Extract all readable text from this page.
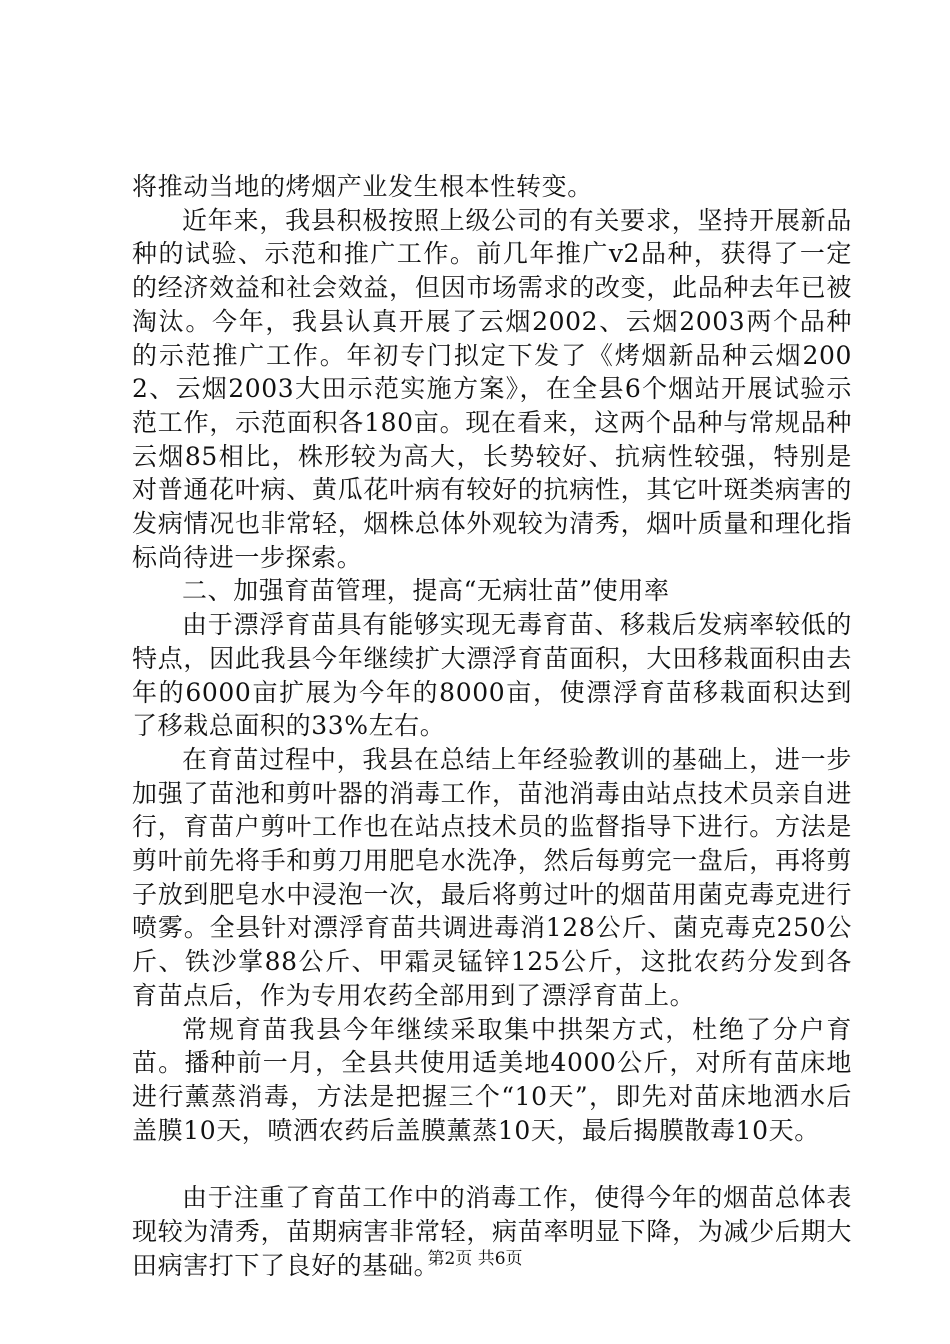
将推动当地的烤烟产业发生根本性转变。

近年来，我县积极按照上级公司的有关要求，坚持开展新品种的试验、示范和推广工作。前几年推广v2品种，获得了一定的经济效益和社会效益，但因市场需求的改变，此品种去年已被淘汰。今年，我县认真开展了云烟2002、云烟2003两个品种的示范推广工作。年初专门拟定下发了《烤烟新品种云烟2002、云烟2003大田示范实施方案》，在全县6个烟站开展试验示范工作，示范面积各180亩。现在看来，这两个品种与常规品种云烟85相比，株形较为高大，长势较好、抗病性较强，特别是对普通花叶病、黄瓜花叶病有较好的抗病性，其它叶斑类病害的发病情况也非常轻，烟株总体外观较为清秀，烟叶质量和理化指标尚待进一步探索。

二、加强育苗管理，提高“无病壮苗”使用率

由于漂浮育苗具有能够实现无毒育苗、移栽后发病率较低的特点，因此我县今年继续扩大漂浮育苗面积，大田移栽面积由去年的6000亩扩展为今年的8000亩，使漂浮育苗移栽面积达到了移栽总面积的33%左右。

在育苗过程中，我县在总结上年经验教训的基础上，进一步加强了苗池和剪叶器的消毒工作，苗池消毒由站点技术员亲自进行，育苗户剪叶工作也在站点技术员的监督指导下进行。方法是剪叶前先将手和剪刀用肥皂水洗净，然后每剪完一盘后，再将剪子放到肥皂水中浸泡一次，最后将剪过叶的烟苗用菌克毒克进行喷雾。全县针对漂浮育苗共调进毒消128公斤、菌克毒克250公斤、铁沙掌88公斤、甲霜灵锰锌125公斤，这批农药分发到各育苗点后，作为专用农药全部用到了漂浮育苗上。

常规育苗我县今年继续采取集中拱架方式，杜绝了分户育苗。播种前一月，全县共使用适美地4000公斤，对所有苗床地进行薰蒸消毒，方法是把握三个“10天”，即先对苗床地洒水后盖膜10天，喷洒农药后盖膜薰蒸10天，最后揭膜散毒10天。

由于注重了育苗工作中的消毒工作，使得今年的烟苗总体表现较为清秀，苗期病害非常轻，病苗率明显下降，为减少后期大田病害打下了良好的基础。

第2页 共6页
